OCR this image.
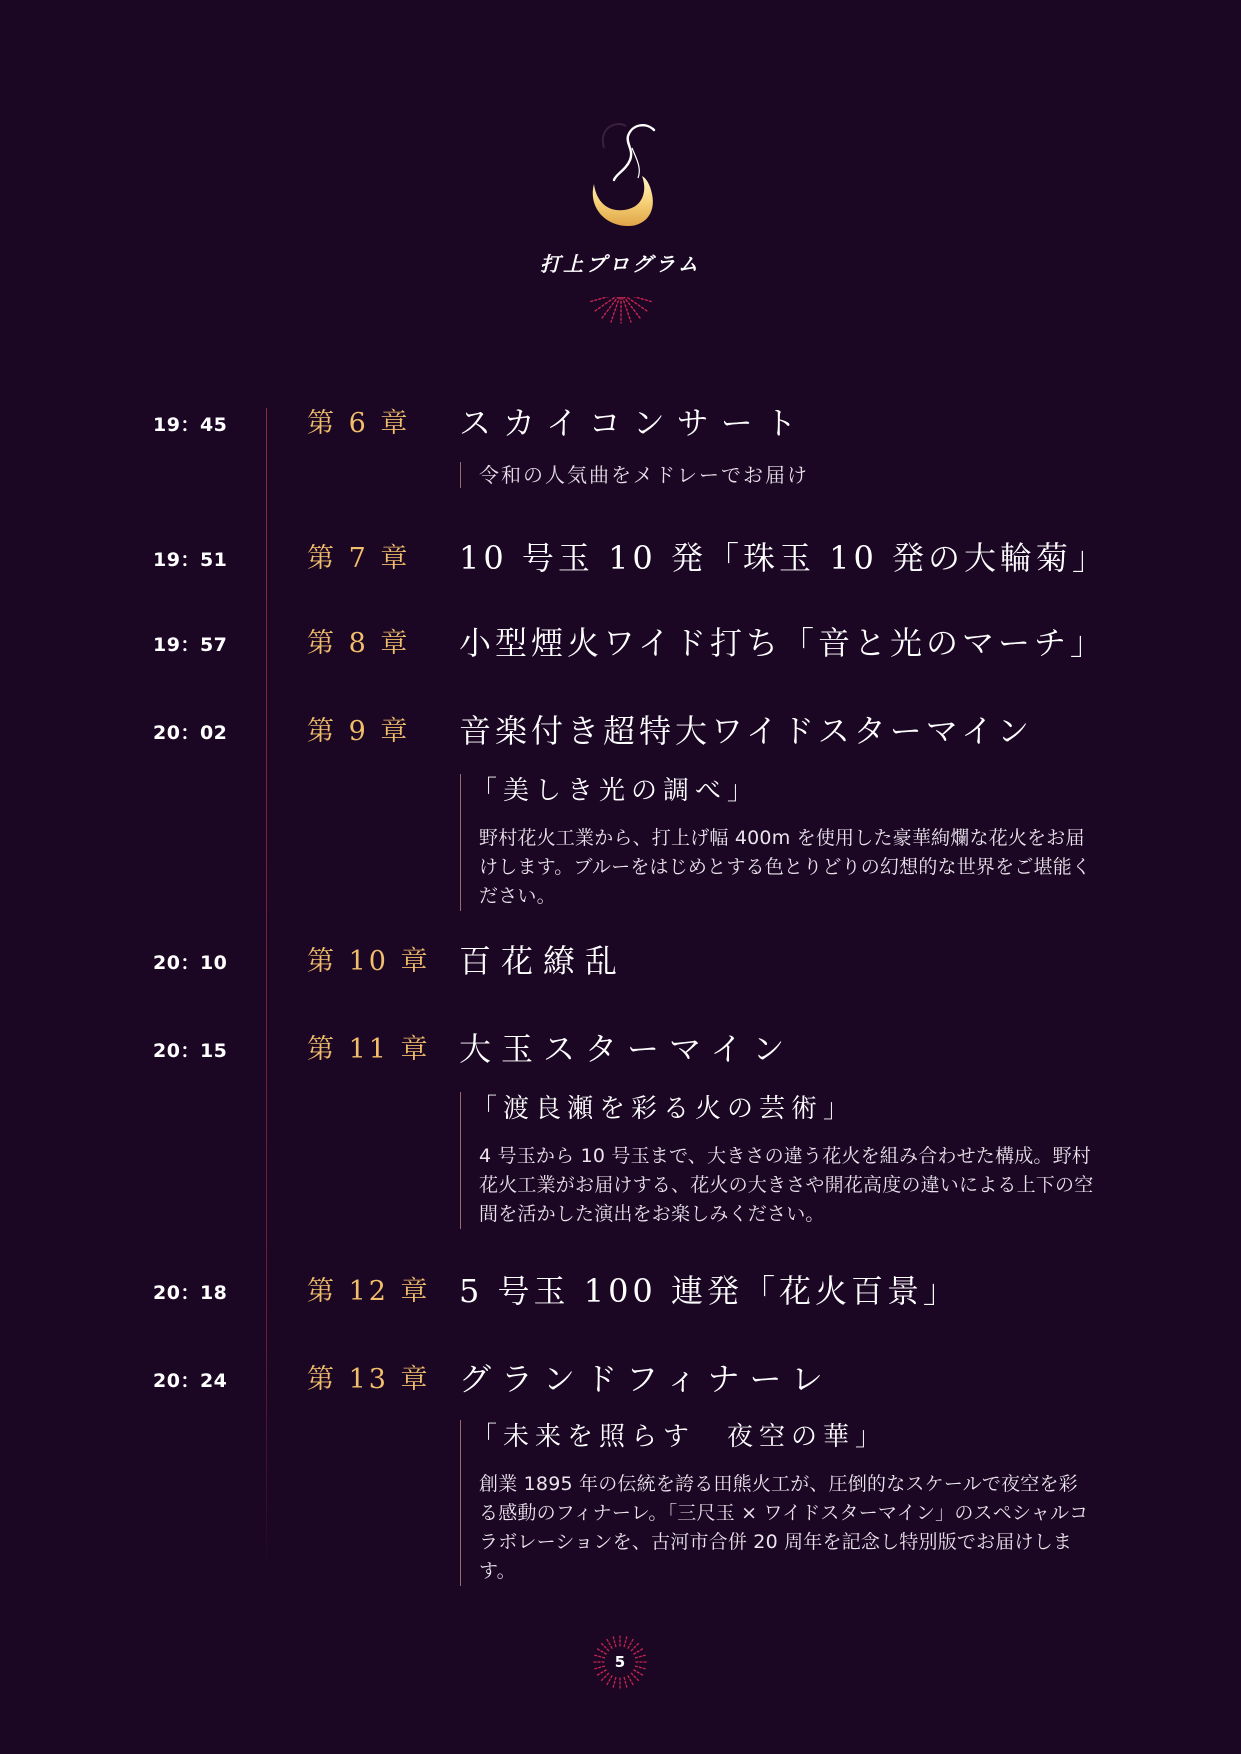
打上プログラム
19：45	第 6 章 スカイコンサート
令和の人気曲をメドレーでお届け
19：51	第 7 章 10 号玉 10 発「珠玉 10 発の大輪菊」
19：57	第 8 章 小型煙火ワイド打ち「音と光のマーチ」
20：02	第 9 章 音楽付き超特大ワイドスターマイン
「美しき光の調べ」
野村花火工業から、打上げ幅 400m を使用した豪華絢爛な花火をお届けします。ブルーをはじめとする色とりどりの幻想的な世界をご堪能ください。
20：10	第 10 章 百花繚乱
20：15	第 11 章 大玉スターマイン
「渡良瀬を彩る火の芸術」
4 号玉から 10 号玉まで、大きさの違う花火を組み合わせた構成。野村花火工業がお届けする、花火の大きさや開花高度の違いによる上下の空間を活かした演出をお楽しみください。
20：18	第 12 章 5 号玉 100 連発「花火百景」
20：24	第 13 章 グランドフィナーレ
「未来を照らす　夜空の華」
創業 1895 年の伝統を誇る田熊火工が、圧倒的なスケールで夜空を彩る感動のフィナーレ。「三尺玉 × ワイドスターマイン」のスペシャルコラボレーションを、古河市合併 20 周年を記念し特別版でお届けします。
5
